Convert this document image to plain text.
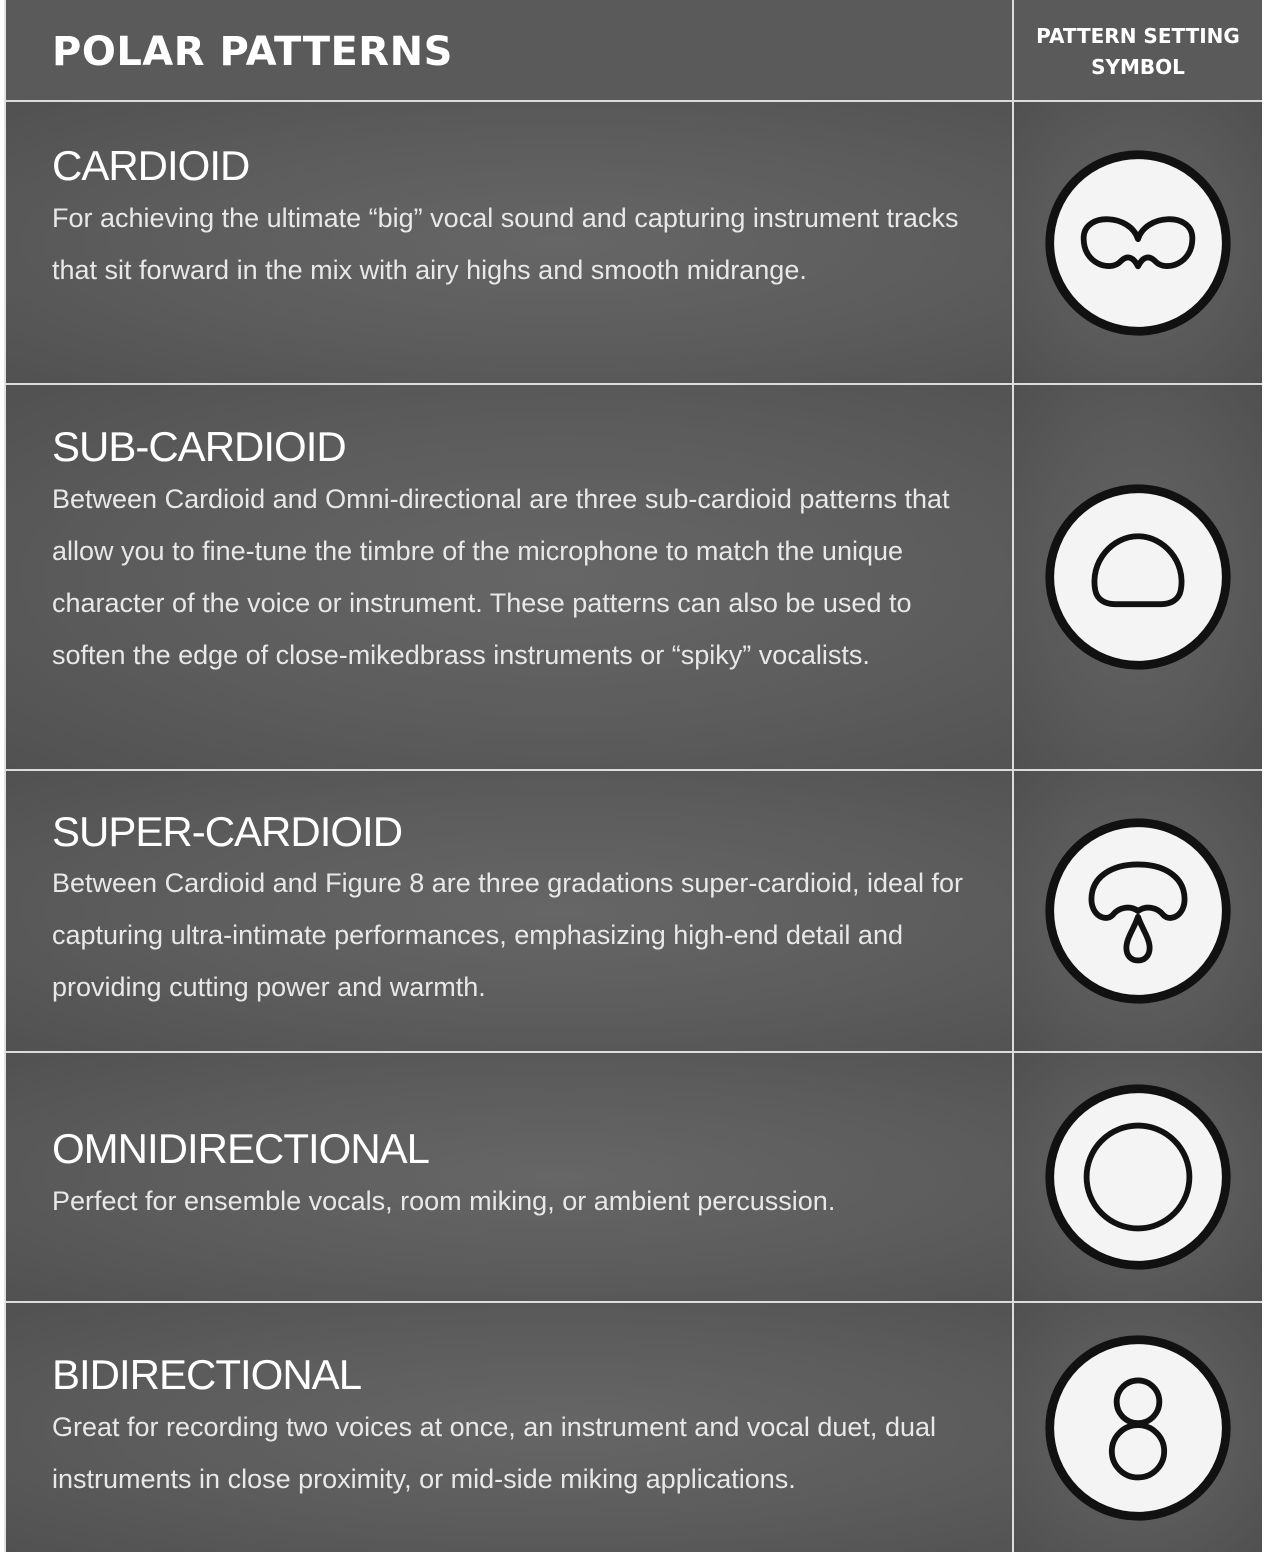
POLAR PATTERNS	PATTERN SETTING
SYMBOL
CARDIOID

For achieving the ultimate “big” vocal sound and capturing instrument tracks that sit forward in the mix with airy highs and smooth midrange.

SUB-CARDIOID

Between Cardioid and Omni-directional are three sub-cardioid patterns that allow you to fine-tune the timbre of the microphone to match the unique character of the voice or instrument. These patterns can also be used to soften the edge of close-mikedbrass instruments or “spiky” vocalists.

SUPER-CARDIOID

Between Cardioid and Figure 8 are three gradations super-cardioid, ideal for capturing ultra-intimate performances, emphasizing high-end detail and providing cutting power and warmth.

OMNIDIRECTIONAL

Perfect for ensemble vocals, room miking, or ambient percussion.

BIDIRECTIONAL

Great for recording two voices at once, an instrument and vocal duet, dual instruments in close proximity, or mid-side miking applications.
